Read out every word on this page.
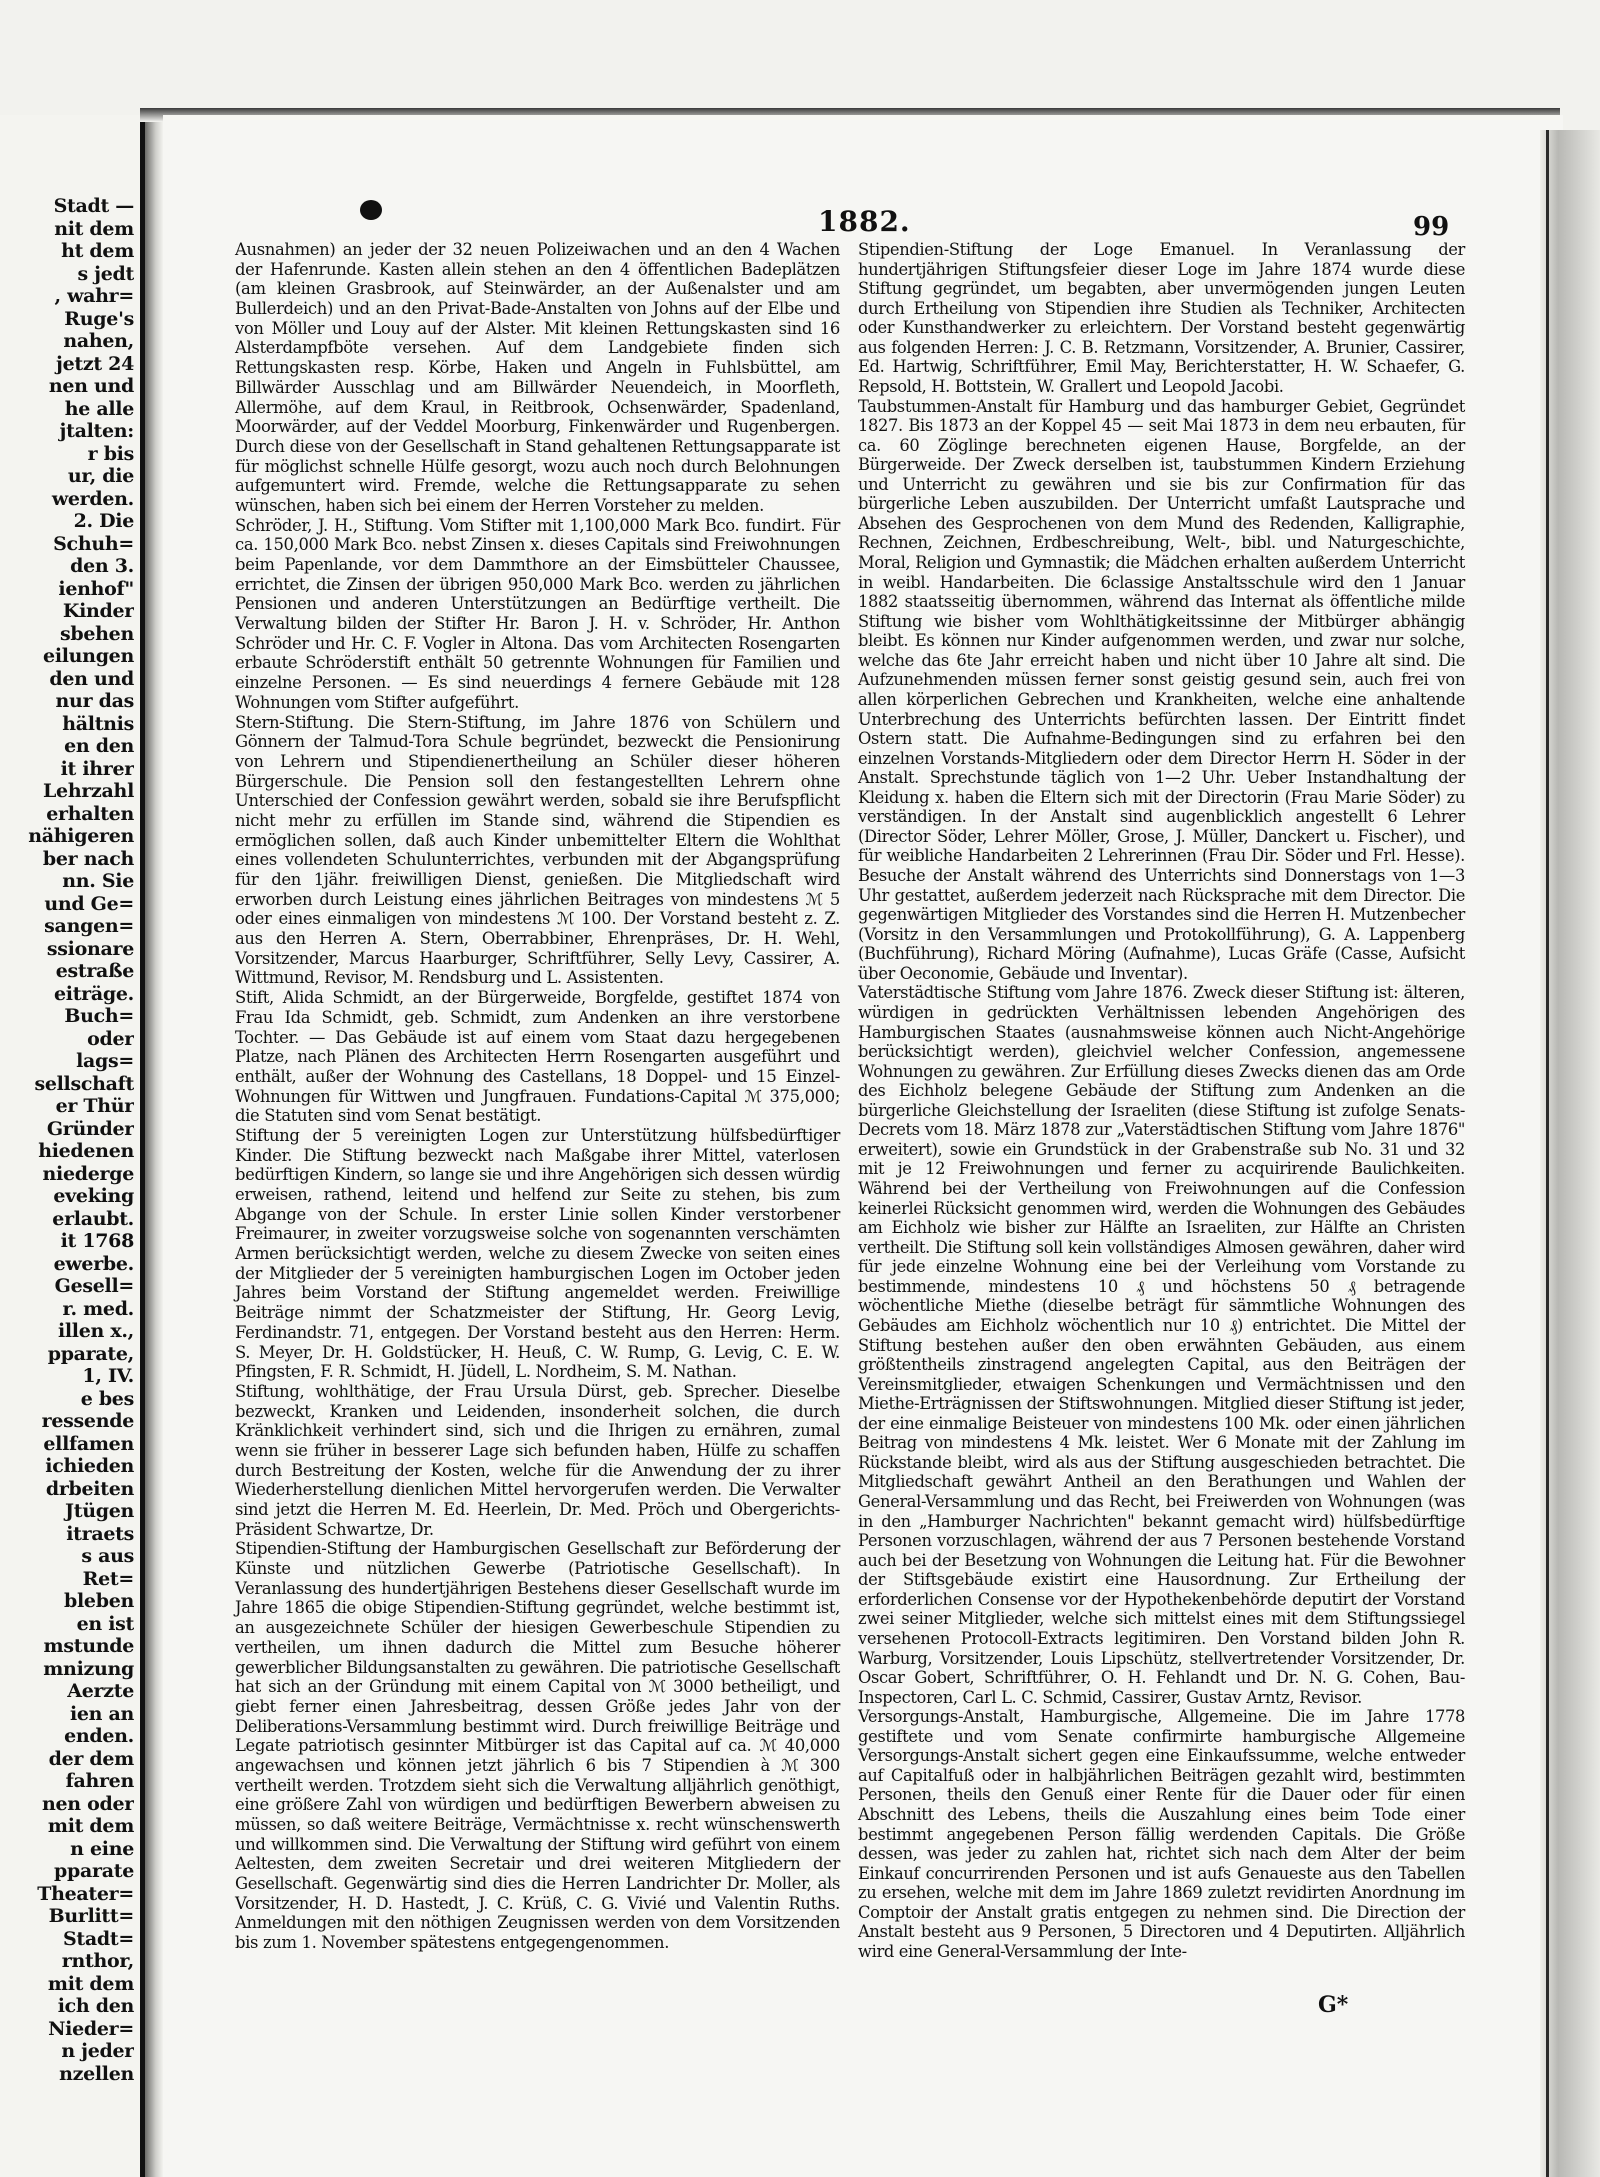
Stadt —
nit dem
ht dem
s jedt
, wahr=
Ruge's
nahen,
jetzt 24
nen und
he alle
jtalten:
r bis
ur, die
werden.
2. Die
Schuh=
den 3.
ienhof"
Kinder
sbehen
eilungen
den und
nur das
hältnis
en den
it ihrer
Lehrzahl
erhalten
nähigeren
ber nach
nn. Sie
und Ge=
sangen=
ssionare
estraße
eiträge.
Buch=
oder
lags=
sellschaft
er Thür
Gründer
hiedenen
niederge
eveking
erlaubt.
it 1768
ewerbe.
Gesell=
r. med.
illen x.,
pparate,
1, IV.
e bes
ressende
ellfamen
ichieden
drbeiten
Jtügen
itraets
s aus
Ret=
bleben
en ist
mstunde
mnizung
Aerzte
ien an
enden.
der dem
fahren
nen oder
mit dem
n eine
pparate
Theater=
Burlitt=
Stadt=
rnthor,
mit dem
ich den
Nieder=
n jeder
nzellen
1882.	99

Ausnahmen) an jeder der 32 neuen Polizeiwachen und an den 4 Wachen der Hafenrunde. Kasten allein stehen an den 4 öffentlichen Badeplätzen (am kleinen Grasbrook, auf Steinwärder, an der Außenalster und am Bullerdeich) und an den Privat-Bade-Anstalten von Johns auf der Elbe und von Möller und Louy auf der Alster. Mit kleinen Rettungskasten sind 16 Alsterdampfböte versehen. Auf dem Landgebiete finden sich Rettungskasten resp. Körbe, Haken und Angeln in Fuhlsbüttel, am Billwärder Ausschlag und am Billwärder Neuendeich, in Moorfleth, Allermöhe, auf dem Kraul, in Reitbrook, Ochsenwärder, Spadenland, Moorwärder, auf der Veddel Moorburg, Finkenwärder und Rugenbergen. Durch diese von der Gesellschaft in Stand gehaltenen Rettungsapparate ist für möglichst schnelle Hülfe gesorgt, wozu auch noch durch Belohnungen aufgemuntert wird. Fremde, welche die Rettungsapparate zu sehen wünschen, haben sich bei einem der Herren Vorsteher zu melden.

Schröder, J. H., Stiftung. Vom Stifter mit 1,100,000 Mark Bco. fundirt. Für ca. 150,000 Mark Bco. nebst Zinsen x. dieses Capitals sind Freiwohnungen beim Papenlande, vor dem Dammthore an der Eimsbütteler Chaussee, errichtet, die Zinsen der übrigen 950,000 Mark Bco. werden zu jährlichen Pensionen und anderen Unterstützungen an Bedürftige vertheilt. Die Verwaltung bilden der Stifter Hr. Baron J. H. v. Schröder, Hr. Anthon Schröder und Hr. C. F. Vogler in Altona. Das vom Architecten Rosengarten erbaute Schröderstift enthält 50 getrennte Wohnungen für Familien und einzelne Personen. — Es sind neuerdings 4 fernere Gebäude mit 128 Wohnungen vom Stifter aufgeführt.

Stern-Stiftung. Die Stern-Stiftung, im Jahre 1876 von Schülern und Gönnern der Talmud-Tora Schule begründet, bezweckt die Pensionirung von Lehrern und Stipendienertheilung an Schüler dieser höheren Bürgerschule. Die Pension soll den festangestellten Lehrern ohne Unterschied der Confession gewährt werden, sobald sie ihre Berufspflicht nicht mehr zu erfüllen im Stande sind, während die Stipendien es ermöglichen sollen, daß auch Kinder unbemittelter Eltern die Wohlthat eines vollendeten Schulunterrichtes, verbunden mit der Abgangsprüfung für den 1jähr. freiwilligen Dienst, genießen. Die Mitgliedschaft wird erworben durch Leistung eines jährlichen Beitrages von mindestens ℳ 5 oder eines einmaligen von mindestens ℳ 100. Der Vorstand besteht z. Z. aus den Herren A. Stern, Oberrabbiner, Ehrenpräses, Dr. H. Wehl, Vorsitzender, Marcus Haarburger, Schriftführer, Selly Levy, Cassirer, A. Wittmund, Revisor, M. Rendsburg und L. Assistenten.

Stift, Alida Schmidt, an der Bürgerweide, Borgfelde, gestiftet 1874 von Frau Ida Schmidt, geb. Schmidt, zum Andenken an ihre verstorbene Tochter. — Das Gebäude ist auf einem vom Staat dazu hergegebenen Platze, nach Plänen des Architecten Herrn Rosengarten ausgeführt und enthält, außer der Wohnung des Castellans, 18 Doppel- und 15 Einzel-Wohnungen für Wittwen und Jungfrauen. Fundations-Capital ℳ 375,000; die Statuten sind vom Senat bestätigt.

Stiftung der 5 vereinigten Logen zur Unterstützung hülfsbedürftiger Kinder. Die Stiftung bezweckt nach Maßgabe ihrer Mittel, vaterlosen bedürftigen Kindern, so lange sie und ihre Angehörigen sich dessen würdig erweisen, rathend, leitend und helfend zur Seite zu stehen, bis zum Abgange von der Schule. In erster Linie sollen Kinder verstorbener Freimaurer, in zweiter vorzugsweise solche von sogenannten verschämten Armen berücksichtigt werden, welche zu diesem Zwecke von seiten eines der Mitglieder der 5 vereinigten hamburgischen Logen im October jeden Jahres beim Vorstand der Stiftung angemeldet werden. Freiwillige Beiträge nimmt der Schatzmeister der Stiftung, Hr. Georg Levig, Ferdinandstr. 71, entgegen. Der Vorstand besteht aus den Herren: Herm. S. Meyer, Dr. H. Goldstücker, H. Heuß, C. W. Rump, G. Levig, C. E. W. Pfingsten, F. R. Schmidt, H. Jüdell, L. Nordheim, S. M. Nathan.

Stiftung, wohlthätige, der Frau Ursula Dürst, geb. Sprecher. Dieselbe bezweckt, Kranken und Leidenden, insonderheit solchen, die durch Kränklichkeit verhindert sind, sich und die Ihrigen zu ernähren, zumal wenn sie früher in besserer Lage sich befunden haben, Hülfe zu schaffen durch Bestreitung der Kosten, welche für die Anwendung der zu ihrer Wiederherstellung dienlichen Mittel hervorgerufen werden. Die Verwalter sind jetzt die Herren M. Ed. Heerlein, Dr. Med. Pröch und Obergerichts-Präsident Schwartze, Dr.

Stipendien-Stiftung der Hamburgischen Gesellschaft zur Beförderung der Künste und nützlichen Gewerbe (Patriotische Gesellschaft). In Veranlassung des hundertjährigen Bestehens dieser Gesellschaft wurde im Jahre 1865 die obige Stipendien-Stiftung gegründet, welche bestimmt ist, an ausgezeichnete Schüler der hiesigen Gewerbeschule Stipendien zu vertheilen, um ihnen dadurch die Mittel zum Besuche höherer gewerblicher Bildungsanstalten zu gewähren. Die patriotische Gesellschaft hat sich an der Gründung mit einem Capital von ℳ 3000 betheiligt, und giebt ferner einen Jahresbeitrag, dessen Größe jedes Jahr von der Deliberations-Versammlung bestimmt wird. Durch freiwillige Beiträge und Legate patriotisch gesinnter Mitbürger ist das Capital auf ca. ℳ 40,000 angewachsen und können jetzt jährlich 6 bis 7 Stipendien à ℳ 300 vertheilt werden. Trotzdem sieht sich die Verwaltung alljährlich genöthigt, eine größere Zahl von würdigen und bedürftigen Bewerbern abweisen zu müssen, so daß weitere Beiträge, Vermächtnisse x. recht wünschenswerth und willkommen sind. Die Verwaltung der Stiftung wird geführt von einem Aeltesten, dem zweiten Secretair und drei weiteren Mitgliedern der Gesellschaft. Gegenwärtig sind dies die Herren Landrichter Dr. Moller, als Vorsitzender, H. D. Hastedt, J. C. Krüß, C. G. Vivié und Valentin Ruths. Anmeldungen mit den nöthigen Zeugnissen werden von dem Vorsitzenden bis zum 1. November spätestens entgegengenommen.

Stipendien-Stiftung der Loge Emanuel. In Veranlassung der hundertjährigen Stiftungsfeier dieser Loge im Jahre 1874 wurde diese Stiftung gegründet, um begabten, aber unvermögenden jungen Leuten durch Ertheilung von Stipendien ihre Studien als Techniker, Architecten oder Kunsthandwerker zu erleichtern. Der Vorstand besteht gegenwärtig aus folgenden Herren: J. C. B. Retzmann, Vorsitzender, A. Brunier, Cassirer, Ed. Hartwig, Schriftführer, Emil May, Berichterstatter, H. W. Schaefer, G. Repsold, H. Bottstein, W. Grallert und Leopold Jacobi.

Taubstummen-Anstalt für Hamburg und das hamburger Gebiet, Gegründet 1827. Bis 1873 an der Koppel 45 — seit Mai 1873 in dem neu erbauten, für ca. 60 Zöglinge berechneten eigenen Hause, Borgfelde, an der Bürgerweide. Der Zweck derselben ist, taubstummen Kindern Erziehung und Unterricht zu gewähren und sie bis zur Confirmation für das bürgerliche Leben auszubilden. Der Unterricht umfaßt Lautsprache und Absehen des Gesprochenen von dem Mund des Redenden, Kalligraphie, Rechnen, Zeichnen, Erdbeschreibung, Welt-, bibl. und Naturgeschichte, Moral, Religion und Gymnastik; die Mädchen erhalten außerdem Unterricht in weibl. Handarbeiten. Die 6classige Anstaltsschule wird den 1 Januar 1882 staatsseitig übernommen, während das Internat als öffentliche milde Stiftung wie bisher vom Wohlthätigkeitssinne der Mitbürger abhängig bleibt. Es können nur Kinder aufgenommen werden, und zwar nur solche, welche das 6te Jahr erreicht haben und nicht über 10 Jahre alt sind. Die Aufzunehmenden müssen ferner sonst geistig gesund sein, auch frei von allen körperlichen Gebrechen und Krankheiten, welche eine anhaltende Unterbrechung des Unterrichts befürchten lassen. Der Eintritt findet Ostern statt. Die Aufnahme-Bedingungen sind zu erfahren bei den einzelnen Vorstands-Mitgliedern oder dem Director Herrn H. Söder in der Anstalt. Sprechstunde täglich von 1—2 Uhr. Ueber Instandhaltung der Kleidung x. haben die Eltern sich mit der Directorin (Frau Marie Söder) zu verständigen. In der Anstalt sind augenblicklich angestellt 6 Lehrer (Director Söder, Lehrer Möller, Grose, J. Müller, Danckert u. Fischer), und für weibliche Handarbeiten 2 Lehrerinnen (Frau Dir. Söder und Frl. Hesse). Besuche der Anstalt während des Unterrichts sind Donnerstags von 1—3 Uhr gestattet, außerdem jederzeit nach Rücksprache mit dem Director. Die gegenwärtigen Mitglieder des Vorstandes sind die Herren H. Mutzenbecher (Vorsitz in den Versammlungen und Protokollführung), G. A. Lappenberg (Buchführung), Richard Möring (Aufnahme), Lucas Gräfe (Casse, Aufsicht über Oeconomie, Gebäude und Inventar).

Vaterstädtische Stiftung vom Jahre 1876. Zweck dieser Stiftung ist: älteren, würdigen in gedrückten Verhältnissen lebenden Angehörigen des Hamburgischen Staates (ausnahmsweise können auch Nicht-Angehörige berücksichtigt werden), gleichviel welcher Confession, angemessene Wohnungen zu gewähren. Zur Erfüllung dieses Zwecks dienen das am Orde des Eichholz belegene Gebäude der Stiftung zum Andenken an die bürgerliche Gleichstellung der Israeliten (diese Stiftung ist zufolge Senats-Decrets vom 18. März 1878 zur „Vaterstädtischen Stiftung vom Jahre 1876" erweitert), sowie ein Grundstück in der Grabenstraße sub No. 31 und 32 mit je 12 Freiwohnungen und ferner zu acquirirende Baulichkeiten. Während bei der Vertheilung von Freiwohnungen auf die Confession keinerlei Rücksicht genommen wird, werden die Wohnungen des Gebäudes am Eichholz wie bisher zur Hälfte an Israeliten, zur Hälfte an Christen vertheilt. Die Stiftung soll kein vollständiges Almosen gewähren, daher wird für jede einzelne Wohnung eine bei der Verleihung vom Vorstande zu bestimmende, mindestens 10 ₰ und höchstens 50 ₰ betragende wöchentliche Miethe (dieselbe beträgt für sämmtliche Wohnungen des Gebäudes am Eichholz wöchentlich nur 10 ₰) entrichtet. Die Mittel der Stiftung bestehen außer den oben erwähnten Gebäuden, aus einem größtentheils zinstragend angelegten Capital, aus den Beiträgen der Vereinsmitglieder, etwaigen Schenkungen und Vermächtnissen und den Miethe-Erträgnissen der Stiftswohnungen. Mitglied dieser Stiftung ist jeder, der eine einmalige Beisteuer von mindestens 100 Mk. oder einen jährlichen Beitrag von mindestens 4 Mk. leistet. Wer 6 Monate mit der Zahlung im Rückstande bleibt, wird als aus der Stiftung ausgeschieden betrachtet. Die Mitgliedschaft gewährt Antheil an den Berathungen und Wahlen der General-Versammlung und das Recht, bei Freiwerden von Wohnungen (was in den „Hamburger Nachrichten" bekannt gemacht wird) hülfsbedürftige Personen vorzuschlagen, während der aus 7 Personen bestehende Vorstand auch bei der Besetzung von Wohnungen die Leitung hat. Für die Bewohner der Stiftsgebäude existirt eine Hausordnung. Zur Ertheilung der erforderlichen Consense vor der Hypothekenbehörde deputirt der Vorstand zwei seiner Mitglieder, welche sich mittelst eines mit dem Stiftungssiegel versehenen Protocoll-Extracts legitimiren. Den Vorstand bilden John R. Warburg, Vorsitzender, Louis Lipschütz, stellvertretender Vorsitzender, Dr. Oscar Gobert, Schriftführer, O. H. Fehlandt und Dr. N. G. Cohen, Bau-Inspectoren, Carl L. C. Schmid, Cassirer, Gustav Arntz, Revisor.

Versorgungs-Anstalt, Hamburgische, Allgemeine. Die im Jahre 1778 gestiftete und vom Senate confirmirte hamburgische Allgemeine Versorgungs-Anstalt sichert gegen eine Einkaufssumme, welche entweder auf Capitalfuß oder in halbjährlichen Beiträgen gezahlt wird, bestimmten Personen, theils den Genuß einer Rente für die Dauer oder für einen Abschnitt des Lebens, theils die Auszahlung eines beim Tode einer bestimmt angegebenen Person fällig werdenden Capitals. Die Größe dessen, was jeder zu zahlen hat, richtet sich nach dem Alter der beim Einkauf concurrirenden Personen und ist aufs Genaueste aus den Tabellen zu ersehen, welche mit dem im Jahre 1869 zuletzt revidirten Anordnung im Comptoir der Anstalt gratis entgegen zu nehmen sind. Die Direction der Anstalt besteht aus 9 Personen, 5 Directoren und 4 Deputirten. Alljährlich wird eine General-Versammlung der Inte-

G*
